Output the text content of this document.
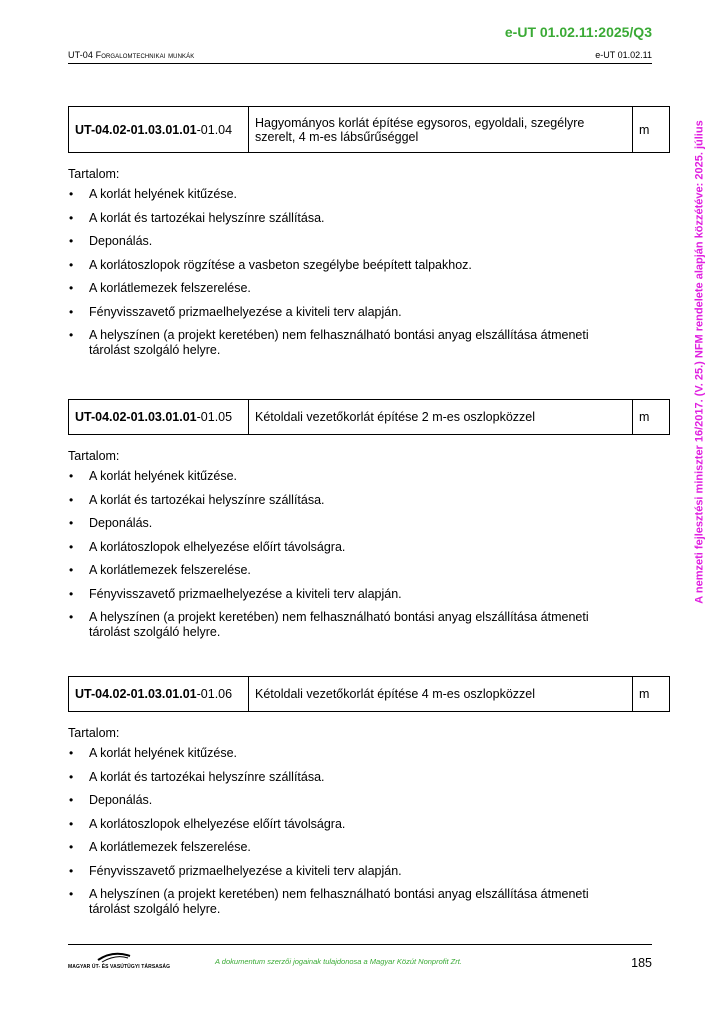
e-UT 01.02.11:2025/Q3
UT-04 Forgalomtechnikai munkák	e-UT 01.02.11
UT-04.02-01.03.01.01-01.04	Hagyományos korlát építése egysoros, egyoldali, szegélyre szerelt, 4 m-es lábsűrűséggel	m
Tartalom:
• A korlát helyének kitűzése.
• A korlát és tartozékai helyszínre szállítása.
• Deponálás.
• A korlátoszlopok rögzítése a vasbeton szegélybe beépített talpakhoz.
• A korlátlemezek felszerelése.
• Fényvisszavető prizmaelhelyezése a kiviteli terv alapján.
• A helyszínen (a projekt keretében) nem felhasználható bontási anyag elszállítása átmeneti tárolást szolgáló helyre.
UT-04.02-01.03.01.01-01.05	Kétoldali vezetőkorlát építése 2 m-es oszlopközzel	m
Tartalom:
• A korlát helyének kitűzése.
• A korlát és tartozékai helyszínre szállítása.
• Deponálás.
• A korlátoszlopok elhelyezése előírt távolságra.
• A korlátlemezek felszerelése.
• Fényvisszavető prizmaelhelyezése a kiviteli terv alapján.
• A helyszínen (a projekt keretében) nem felhasználható bontási anyag elszállítása átmeneti tárolást szolgáló helyre.
UT-04.02-01.03.01.01-01.06	Kétoldali vezetőkorlát építése 4 m-es oszlopközzel	m
Tartalom:
• A korlát helyének kitűzése.
• A korlát és tartozékai helyszínre szállítása.
• Deponálás.
• A korlátoszlopok elhelyezése előírt távolságra.
• A korlátlemezek felszerelése.
• Fényvisszavető prizmaelhelyezése a kiviteli terv alapján.
• A helyszínen (a projekt keretében) nem felhasználható bontási anyag elszállítása átmeneti tárolást szolgáló helyre.
A nemzeti fejlesztési miniszter 16/2017. (V. 25.) NFM rendelete alapján közzétéve: 2025. július
MAGYAR ÚT- ÉS VASÚTÜGYI TÁRSASÁG
A dokumentum szerzői jogainak tulajdonosa a Magyar Közút Nonprofit Zrt.	185
